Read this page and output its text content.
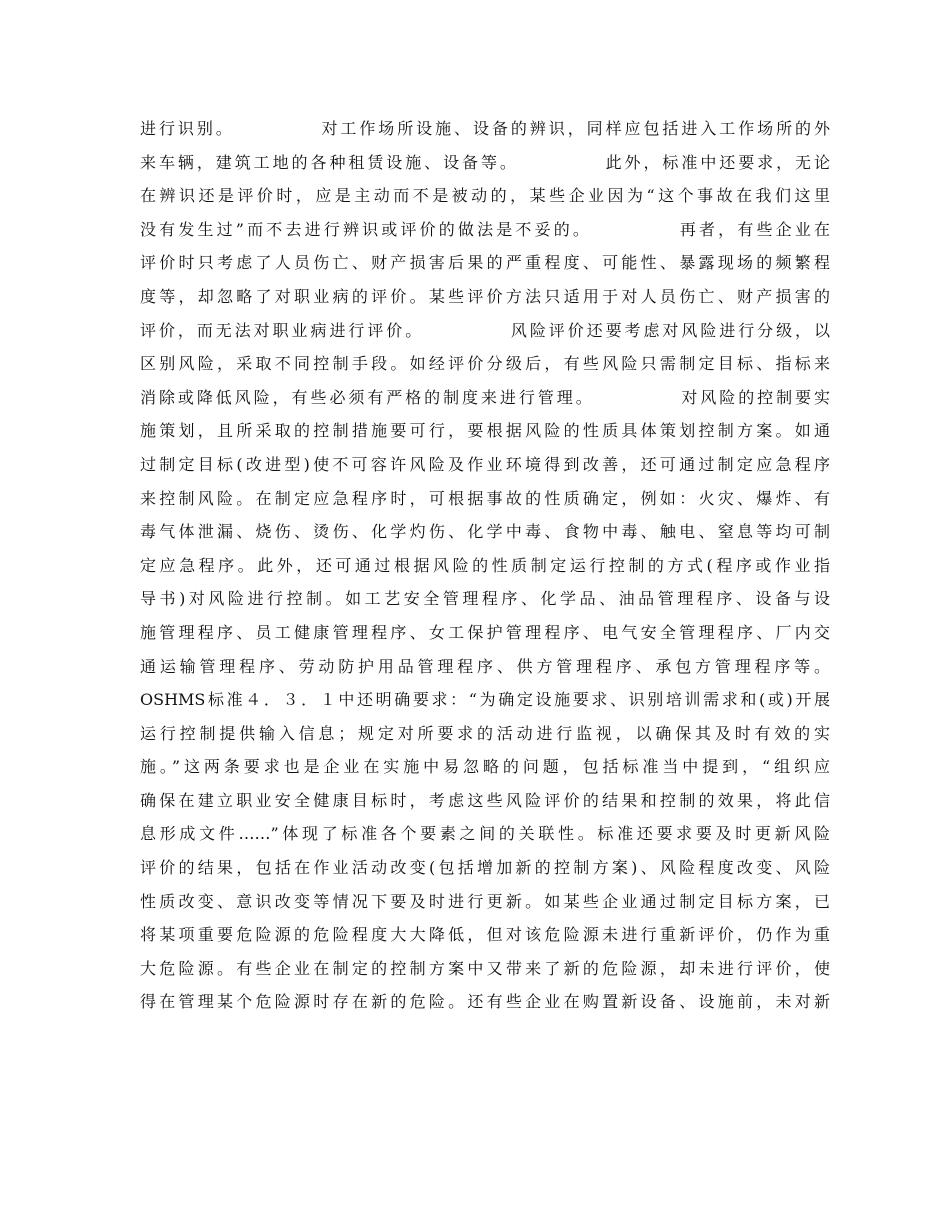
进行识别。　　　　　对工作场所设施、设备的辨识，同样应包括进入工作场所的外
来车辆，建筑工地的各种租赁设施、设备等。　　　　　此外，标准中还要求，无论
在辨识还是评价时，应是主动而不是被动的，某些企业因为“这个事故在我们这里
没有发生过”而不去进行辨识或评价的做法是不妥的。　　　　　再者，有些企业在
评价时只考虑了人员伤亡、财产损害后果的严重程度、可能性、暴露现场的频繁程
度等，却忽略了对职业病的评价。某些评价方法只适用于对人员伤亡、财产损害的
评价，而无法对职业病进行评价。　　　　　风险评价还要考虑对风险进行分级，以
区别风险，采取不同控制手段。如经评价分级后，有些风险只需制定目标、指标来
消除或降低风险，有些必须有严格的制度来进行管理。　　　　　对风险的控制要实
施策划，且所采取的控制措施要可行，要根据风险的性质具体策划控制方案。如通
过制定目标(改进型)使不可容许风险及作业环境得到改善，还可通过制定应急程序
来控制风险。在制定应急程序时，可根据事故的性质确定，例如：火灾、爆炸、有
毒气体泄漏、烧伤、烫伤、化学灼伤、化学中毒、食物中毒、触电、窒息等均可制
定应急程序。此外，还可通过根据风险的性质制定运行控制的方式(程序或作业指
导书)对风险进行控制。如工艺安全管理程序、化学品、油品管理程序、设备与设
施管理程序、员工健康管理程序、女工保护管理程序、电气安全管理程序、厂内交
通运输管理程序、劳动防护用品管理程序、供方管理程序、承包方管理程序等。
OSHMS标准４．３．１中还明确要求：“为确定设施要求、识别培训需求和(或)开展
运行控制提供输入信息；规定对所要求的活动进行监视，以确保其及时有效的实
施。”这两条要求也是企业在实施中易忽略的问题，包括标准当中提到，“组织应
确保在建立职业安全健康目标时，考虑这些风险评价的结果和控制的效果，将此信
息形成文件……”体现了标准各个要素之间的关联性。标准还要求要及时更新风险
评价的结果，包括在作业活动改变(包括增加新的控制方案)、风险程度改变、风险
性质改变、意识改变等情况下要及时进行更新。如某些企业通过制定目标方案，已
将某项重要危险源的危险程度大大降低，但对该危险源未进行重新评价，仍作为重
大危险源。有些企业在制定的控制方案中又带来了新的危险源，却未进行评价，使
得在管理某个危险源时存在新的危险。还有些企业在购置新设备、设施前，未对新
